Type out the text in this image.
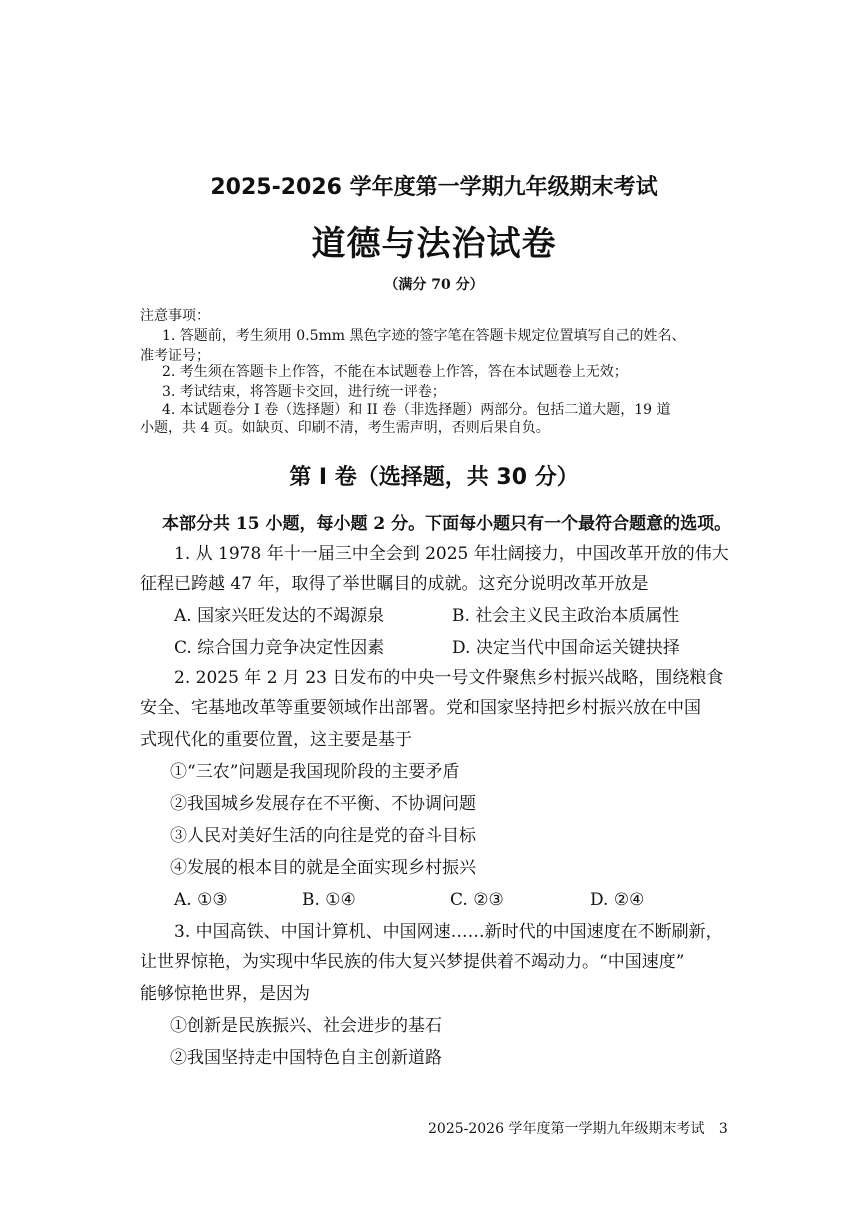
2025-2026 学年度第一学期九年级期末考试
道德与法治试卷
（满分 70 分）
注意事项：
1. 答题前，考生须用 0.5mm 黑色字迹的签字笔在答题卡规定位置填写自己的姓名、
准考证号；
2. 考生须在答题卡上作答，不能在本试题卷上作答，答在本试题卷上无效；
3. 考试结束，将答题卡交回，进行统一评卷；
4. 本试题卷分 I 卷（选择题）和 II 卷（非选择题）两部分。包括二道大题，19 道
小题，共 4 页。如缺页、印刷不清，考生需声明，否则后果自负。
第 I 卷（选择题，共 30 分）
本部分共 15 小题，每小题 2 分。下面每小题只有一个最符合题意的选项。
1. 从 1978 年十一届三中全会到 2025 年壮阔接力，中国改革开放的伟大
征程已跨越 47 年，取得了举世瞩目的成就。这充分说明改革开放是
A. 国家兴旺发达的不竭源泉	B. 社会主义民主政治本质属性
C. 综合国力竞争决定性因素	D. 决定当代中国命运关键抉择
2. 2025 年 2 月 23 日发布的中央一号文件聚焦乡村振兴战略，围绕粮食
安全、宅基地改革等重要领域作出部署。党和国家坚持把乡村振兴放在中国
式现代化的重要位置，这主要是基于
①“三农”问题是我国现阶段的主要矛盾
②我国城乡发展存在不平衡、不协调问题
③人民对美好生活的向往是党的奋斗目标
④发展的根本目的就是全面实现乡村振兴
A. ①③	B. ①④	C. ②③	D. ②④
3. 中国高铁、中国计算机、中国网速……新时代的中国速度在不断刷新，
让世界惊艳，为实现中华民族的伟大复兴梦提供着不竭动力。“中国速度”
能够惊艳世界，是因为
①创新是民族振兴、社会进步的基石
②我国坚持走中国特色自主创新道路
2025-2026 学年度第一学期九年级期末考试 3
